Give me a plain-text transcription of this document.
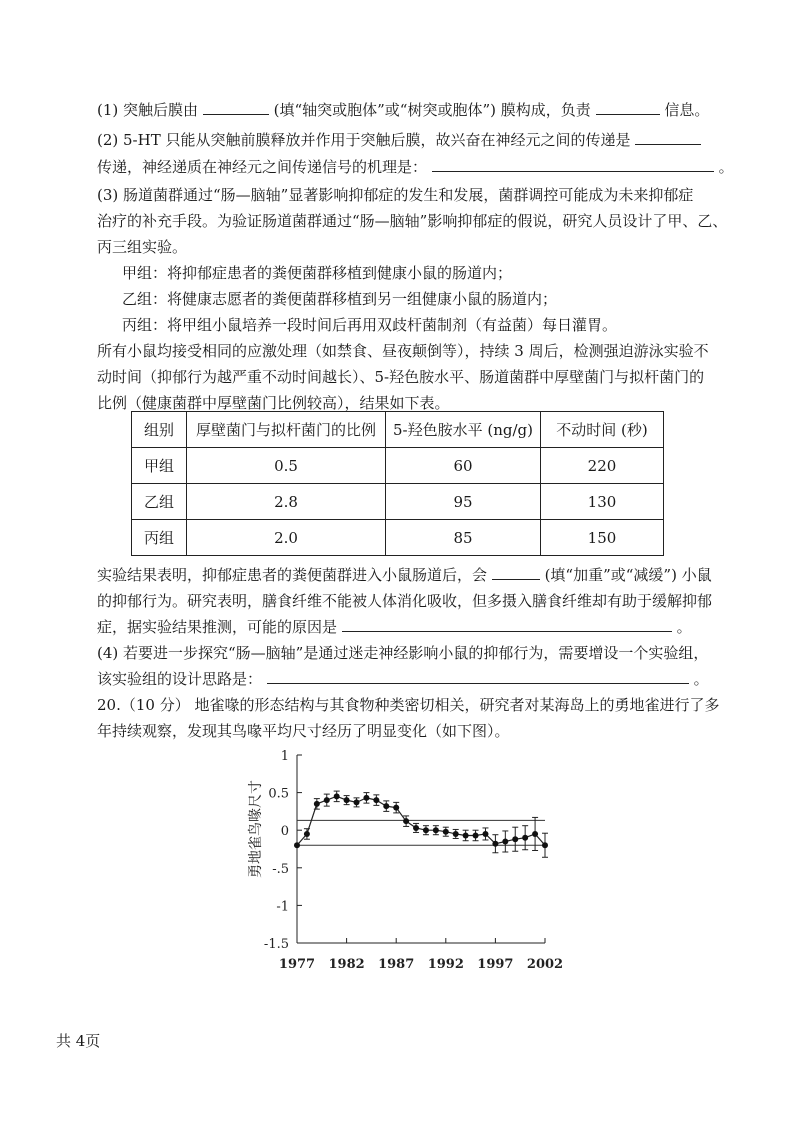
(1) 突触后膜由	(填“轴突或胞体”或“树突或胞体”) 膜构成，负责	信息。
(2) 5-HT 只能从突触前膜释放并作用于突触后膜，故兴奋在神经元之间的传递是
传递，神经递质在神经元之间传递信号的机理是：	。
(3) 肠道菌群通过“肠—脑轴”显著影响抑郁症的发生和发展，菌群调控可能成为未来抑郁症
治疗的补充手段。为验证肠道菌群通过“肠—脑轴”影响抑郁症的假说，研究人员设计了甲、乙、
丙三组实验。
甲组：将抑郁症患者的粪便菌群移植到健康小鼠的肠道内；
乙组：将健康志愿者的粪便菌群移植到另一组健康小鼠的肠道内；
丙组：将甲组小鼠培养一段时间后再用双歧杆菌制剂（有益菌）每日灌胃。
所有小鼠均接受相同的应激处理（如禁食、昼夜颠倒等），持续 3 周后，检测强迫游泳实验不
动时间（抑郁行为越严重不动时间越长）、5-羟色胺水平、肠道菌群中厚壁菌门与拟杆菌门的
比例（健康菌群中厚壁菌门比例较高），结果如下表。
组别	厚壁菌门与拟杆菌门的比例	5-羟色胺水平 (ng/g)	不动时间 (秒)
甲组	0.5	60	220
乙组	2.8	95	130
丙组	2.0	85	150
实验结果表明，抑郁症患者的粪便菌群进入小鼠肠道后，会	(填“加重”或“减缓”) 小鼠
的抑郁行为。研究表明，膳食纤维不能被人体消化吸收，但多摄入膳食纤维却有助于缓解抑郁
症，据实验结果推测，可能的原因是	。
(4) 若要进一步探究“肠—脑轴”是通过迷走神经影响小鼠的抑郁行为，需要增设一个实验组，
该实验组的设计思路是：	。
20.（10 分） 地雀喙的形态结构与其食物种类密切相关，研究者对某海岛上的勇地雀进行了多
年持续观察，发现其鸟喙平均尺寸经历了明显变化（如下图）。
1
0.5
0
-.5
-1
-1.5
1977 1982 1987 1992 1997 2002
勇地雀鸟喙尺寸
共 4页
